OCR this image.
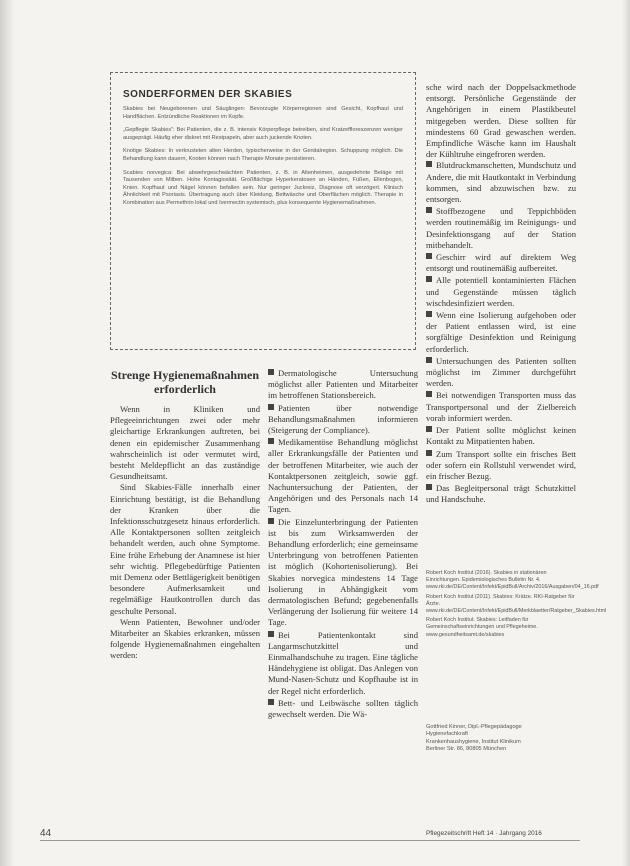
SONDERFORMEN DER SKABIES

Skabies bei Neugeborenen und Säuglingen: Bevorzugte Körperregionen sind Gesicht, Kopfhaut und Handflächen. Entzündliche Reaktionen im Kopfe.

„Gepflegte Skabies“: Bei Patienten, die z. B. intensiv Körperpflege betreiben, sind Kratzeffloreszenzen weniger ausgeprägt. Häufig eher diskret mit Restpapeln, aber auch juckende Knoten.

Knotige Skabies: In verkrusteten alten Herden, typischerweise in der Genitalregion. Schuppung möglich. Die Behandlung kann dauern, Knoten können nach Therapie Monate persistieren.

Scabies norvegica: Bei abwehrgeschwächten Patienten, z. B. in Altenheimen, ausgedehnte Beläge mit Tausenden von Milben. Hohe Kontagiosität. Großflächige Hyperkeratosen an Händen, Füßen, Ellenbogen, Knien. Kopfhaut und Nägel können befallen sein. Nur geringer Juckreiz, Diagnose oft verzögert. Klinisch Ähnlichkeit mit Psoriasis. Übertragung auch über Kleidung, Bettwäsche und Oberflächen möglich. Therapie in Kombination aus Permethrin lokal und Ivermectin systemisch, plus konsequente Hygienemaßnahmen.

Strenge Hygienemaßnahmen erforderlich

Wenn in Kliniken und Pflegeeinrichtungen zwei oder mehr gleichartige Erkrankungen auftreten, bei denen ein epidemischer Zusammenhang wahrscheinlich ist oder vermutet wird, besteht Meldepflicht an das zuständige Gesundheitsamt.

Sind Skabies-Fälle innerhalb einer Einrichtung bestätigt, ist die Behandlung der Kranken über die Infektionsschutzgesetz hinaus erforderlich. Alle Kontaktpersonen sollten zeitgleich behandelt werden, auch ohne Symptome. Eine frühe Erhebung der Anamnese ist hier sehr wichtig. Pflegebedürftige Patienten mit Demenz oder Bettlägerigkeit benötigen besondere Aufmerksamkeit und regelmäßige Hautkontrollen durch das geschulte Personal.

Wenn Patienten, Bewohner und/oder Mitarbeiter an Skabies erkranken, müssen folgende Hygienemaßnahmen eingehalten werden:

Dermatologische Untersuchung möglichst aller Patienten und Mitarbeiter im betroffenen Stationsbereich.

Patienten über notwendige Behandlungsmaßnahmen informieren (Steigerung der Compliance).

Medikamentöse Behandlung möglichst aller Erkrankungsfälle der Patienten und der betroffenen Mitarbeiter, wie auch der Kontaktpersonen zeitgleich, sowie ggf. Nachuntersuchung der Patienten, der Angehörigen und des Personals nach 14 Tagen.

Die Einzelunterbringung der Patienten ist bis zum Wirksamwerden der Behandlung erforderlich; eine gemeinsame Unterbringung von betroffenen Patienten ist möglich (Kohortenisolierung). Bei Skabies norvegica mindestens 14 Tage Isolierung in Abhängigkeit vom dermatologischen Befund; gegebenenfalls Verlängerung der Isolierung für weitere 14 Tage.

Bei Patientenkontakt sind Langarmschutzkittel und Einmalhandschuhe zu tragen. Eine tägliche Händehygiene ist obligat. Das Anlegen von Mund-Nasen-Schutz und Kopfhaube ist in der Regel nicht erforderlich.

Bett- und Leibwäsche sollten täglich gewechselt werden. Die Wä-

sche wird nach der Doppelsackmethode entsorgt. Persönliche Gegenstände der Angehörigen in einem Plastikbeutel mitgegeben werden. Diese sollten für mindestens 60 Grad gewaschen werden. Empfindliche Wäsche kann im Haushalt der Kühltruhe eingefroren werden.

Blutdruckmanschetten, Mundschutz und Andere, die mit Hautkontakt in Verbindung kommen, sind abzuwischen bzw. zu entsorgen.

Stoffbezogene und Teppichböden werden routinemäßig im Reinigungs- und Desinfektionsgang auf der Station mitbehandelt.

Geschirr wird auf direktem Weg entsorgt und routinemäßig aufbereitet.

Alle potentiell kontaminierten Flächen und Gegenstände müssen täglich wischdesinfiziert werden.

Wenn eine Isolierung aufgehoben oder der Patient entlassen wird, ist eine sorgfältige Desinfektion und Reinigung erforderlich.

Untersuchungen des Patienten sollten möglichst im Zimmer durchgeführt werden.

Bei notwendigen Transporten muss das Transportpersonal und der Zielbereich vorab informiert werden.

Der Patient sollte möglichst keinen Kontakt zu Mitpatienten haben.

Zum Transport sollte ein frisches Bett oder sofern ein Rollstuhl verwendet wird, ein frischer Bezug.

Das Begleitpersonal trägt Schutzkittel und Handschuhe.

Robert Koch Institut (2016). Skabies in stationären Einrichtungen. Epidemiologisches Bulletin Nr. 4. www.rki.de/DE/Content/Infekt/EpidBull/Archiv/2016/Ausgaben/04_16.pdf

Robert Koch Institut (2011). Skabies: Krätze. RKI-Ratgeber für Ärzte. www.rki.de/DE/Content/Infekt/EpidBull/Merkblaetter/Ratgeber_Skabies.html

Robert Koch Institut. Skabies: Leitfaden für Gemeinschaftseinrichtungen und Pflegeheime. www.gesundheitsamt.de/skabies

Gottfried Kinner, Dipl.-Pflegepädagoge

Hygienefachkraft

Krankenhaushygiene, Institut Klinikum

Berliner Str. 86, 80805 München

44	Pflegezeitschrift Heft 14 · Jahrgang 2016
